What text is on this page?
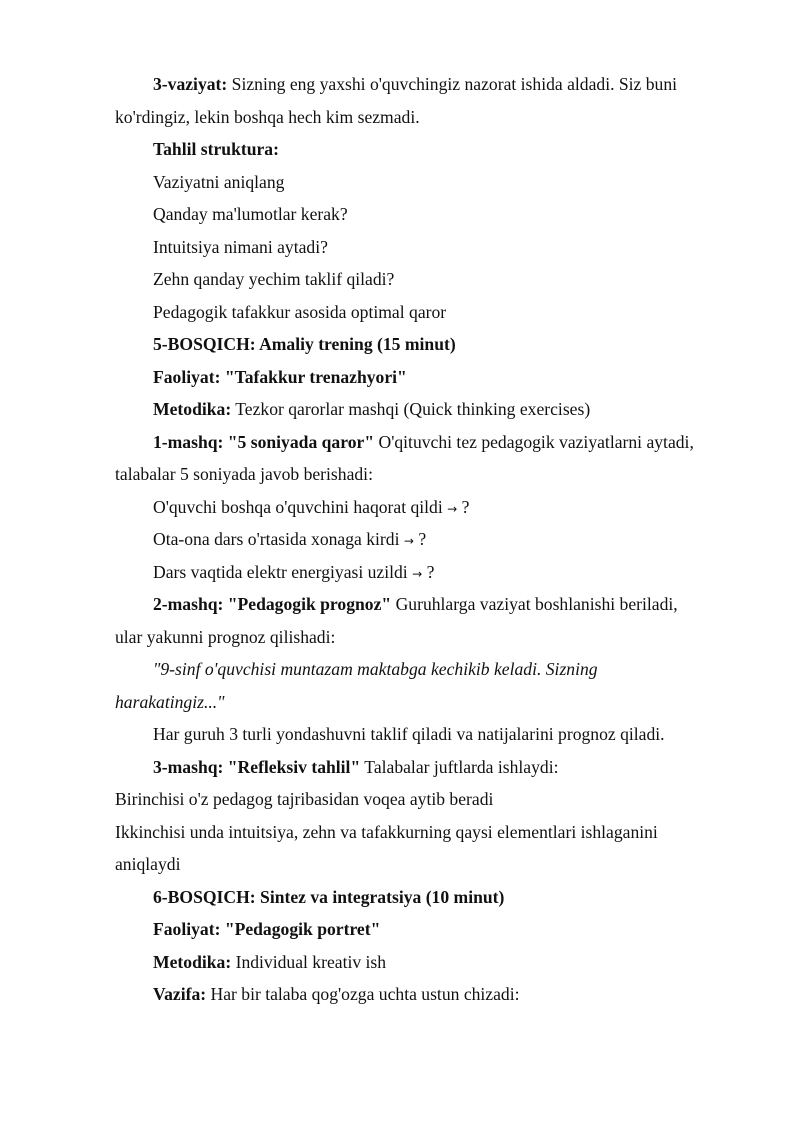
3-vaziyat: Sizning eng yaxshi o'quvchingiz nazorat ishida aldadi. Siz buni
ko'rdingiz, lekin boshqa hech kim sezmadi.
Tahlil struktura:
Vaziyatni aniqlang
Qanday ma'lumotlar kerak?
Intuitsiya nimani aytadi?
Zehn qanday yechim taklif qiladi?
Pedagogik tafakkur asosida optimal qaror
5-BOSQICH: Amaliy trening (15 minut)
Faoliyat: "Tafakkur trenazhyori"
Metodika: Tezkor qarorlar mashqi (Quick thinking exercises)
1-mashq: "5 soniyada qaror" O'qituvchi tez pedagogik vaziyatlarni aytadi,
talabalar 5 soniyada javob berishadi:
O'quvchi boshqa o'quvchini haqorat qildi → ?
Ota-ona dars o'rtasida xonaga kirdi → ?
Dars vaqtida elektr energiyasi uzildi → ?
2-mashq: "Pedagogik prognoz" Guruhlarga vaziyat boshlanishi beriladi,
ular yakunni prognoz qilishadi:
"9-sinf o'quvchisi muntazam maktabga kechikib keladi. Sizning
harakatingiz..."
Har guruh 3 turli yondashuvni taklif qiladi va natijalarini prognoz qiladi.
3-mashq: "Refleksiv tahlil" Talabalar juftlarda ishlaydi:
Birinchisi o'z pedagog tajribasidan voqea aytib beradi
Ikkinchisi unda intuitsiya, zehn va tafakkurning qaysi elementlari ishlaganini
aniqlaydi
6-BOSQICH: Sintez va integratsiya (10 minut)
Faoliyat: "Pedagogik portret"
Metodika: Individual kreativ ish
Vazifa: Har bir talaba qog'ozga uchta ustun chizadi:
